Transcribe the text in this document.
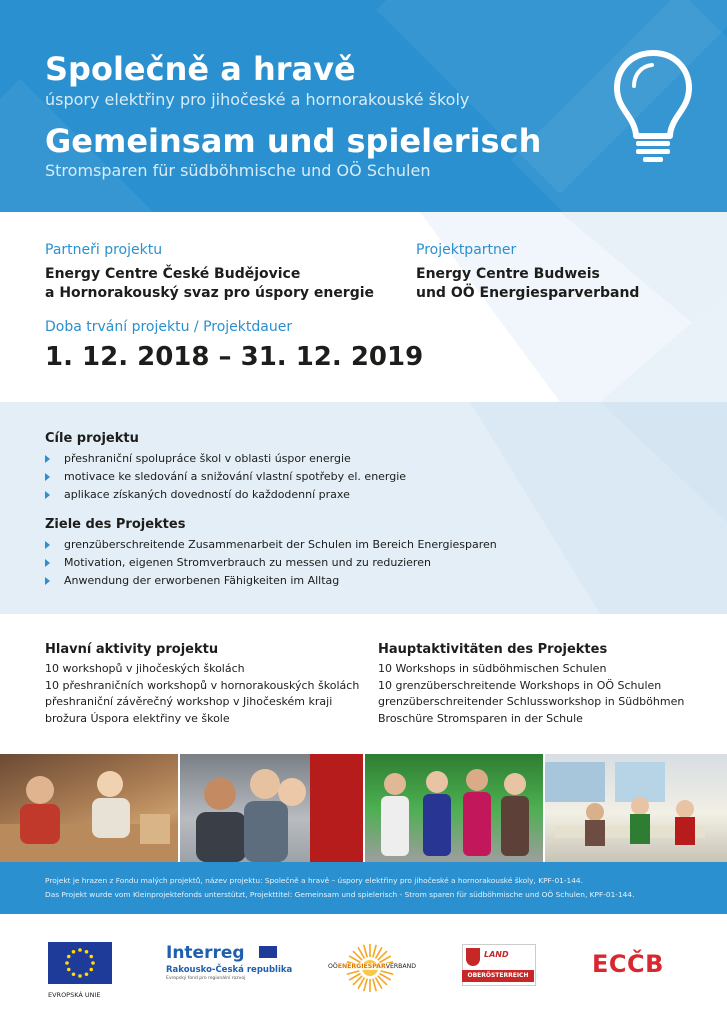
Společně a hravě
úspory elektřiny pro jihočeské a hornorakouské školy
Gemeinsam und spielerisch
Stromsparen für südböhmische und OÖ Schulen
Partneři projektu
Energy Centre České Budějovice
a Hornorakouský svaz pro úspory energie
Projektpartner
Energy Centre Budweis
und OÖ Energiesparverband
Doba trvání projektu / Projektdauer
1. 12. 2018 – 31. 12. 2019
Cíle projektu
přeshraniční spolupráce škol v oblasti úspor energie
motivace ke sledování a snižování vlastní spotřeby el. energie
aplikace získaných dovedností do každodenní praxe
Ziele des Projektes
grenzüberschreitende Zusammenarbeit der Schulen im Bereich Energiesparen
Motivation, eigenen Stromverbrauch zu messen und zu reduzieren
Anwendung der erworbenen Fähigkeiten im Alltag
Hlavní aktivity projektu
10 workshopů v jihočeských školách
10 přeshraničních workshopů v hornorakouských školách
přeshraniční závěrečný workshop v Jihočeském kraji
brožura Úspora elektřiny ve škole
Hauptaktivitäten des Projektes
10 Workshops in südböhmischen Schulen
10 grenzüberschreitende Workshops in OÖ Schulen
grenzüberschreitender Schlussworkshop in Südböhmen
Broschüre Stromsparen in der Schule
Projekt je hrazen z Fondu malých projektů, název projektu: Společně a hravě – úspory elektřiny pro jihočeské a hornorakouské školy, KPF-01-144.
Das Projekt wurde vom Kleinprojektefonds unterstützt, Projekttitel: Gemeinsam und spielerisch - Strom sparen für südböhmische und OÖ Schulen, KPF-01-144.
EVROPSKÁ UNIE
Interreg
Rakousko-Česká republika
Evropský fond pro regionální rozvoj
OÖENERGIESPARVERBAND
LAND
OBERÖSTERREICH	ECČB
